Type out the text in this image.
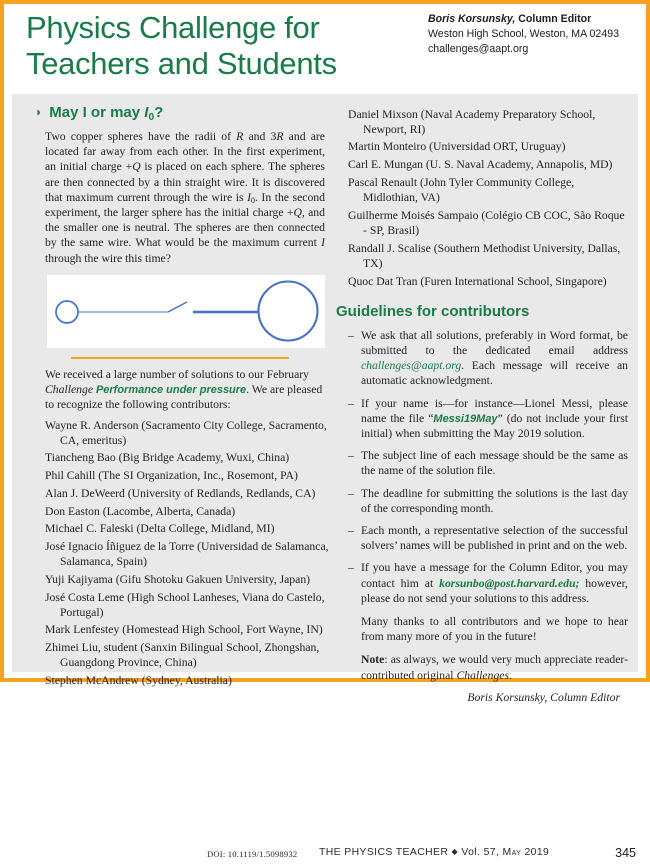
Physics Challenge for
Teachers and Students
Boris Korsunsky, Column Editor
Weston High School, Weston, MA 02493
challenges@aapt.org
◗ May I or may I0?
Two copper spheres have the radii of R and 3R and are located far away from each other. In the first experiment, an initial charge +Q is placed on each sphere. The spheres are then connected by a thin straight wire. It is discovered that maximum current through the wire is I0. In the second experiment, the larger sphere has the initial charge +Q, and the smaller one is neutral. The spheres are then connected by the same wire. What would be the maximum current I through the wire this time?
We received a large number of solutions to our February Challenge Performance under pressure. We are pleased to recognize the following contributors:
Wayne R. Anderson (Sacramento City College, Sacramento, CA, emeritus)
Tiancheng Bao (Big Bridge Academy, Wuxi, China)
Phil Cahill (The SI Organization, Inc., Rosemont, PA)
Alan J. DeWeerd (University of Redlands, Redlands, CA)
Don Easton (Lacombe, Alberta, Canada)
Michael C. Faleski (Delta College, Midland, MI)
José Ignacio Íñiguez de la Torre (Universidad de Salamanca, Salamanca, Spain)
Yuji Kajiyama (Gifu Shotoku Gakuen University, Japan)
José Costa Leme (High School Lanheses, Viana do Castelo, Portugal)
Mark Lenfestey (Homestead High School, Fort Wayne, IN)
Zhimei Liu, student (Sanxin Bilingual School, Zhongshan, Guangdong Province, China)
Stephen McAndrew (Sydney, Australia)
Daniel Mixson (Naval Academy Preparatory School, Newport, RI)
Martin Monteiro (Universidad ORT, Uruguay)
Carl E. Mungan (U. S. Naval Academy, Annapolis, MD)
Pascal Renault (John Tyler Community College, Midlothian, VA)
Guilherme Moisés Sampaio (Colégio CB COC, São Roque - SP, Brasil)
Randall J. Scalise (Southern Methodist University, Dallas, TX)
Quoc Dat Tran (Furen International School, Singapore)
Guidelines for contributors
– We ask that all solutions, preferably in Word format, be submitted to the dedicated email address challenges@aapt.org. Each message will receive an automatic acknowledgment.
– If your name is—for instance—Lionel Messi, please name the file “Messi19May” (do not include your first initial) when submitting the May 2019 solution.
– The subject line of each message should be the same as the name of the solution file.
– The deadline for submitting the solutions is the last day of the corresponding month.
– Each month, a representative selection of the successful solvers’ names will be published in print and on the web.
– If you have a message for the Column Editor, you may contact him at korsunbo@post.harvard.edu; however, please do not send your solutions to this address.
Many thanks to all contributors and we hope to hear from many more of you in the future!
Note: as always, we would very much appreciate reader-contributed original Challenges.
Boris Korsunsky, Column Editor
DOI: 10.1119/1.5098932 THE PHYSICS TEACHER ◆ Vol. 57, May 2019	345
